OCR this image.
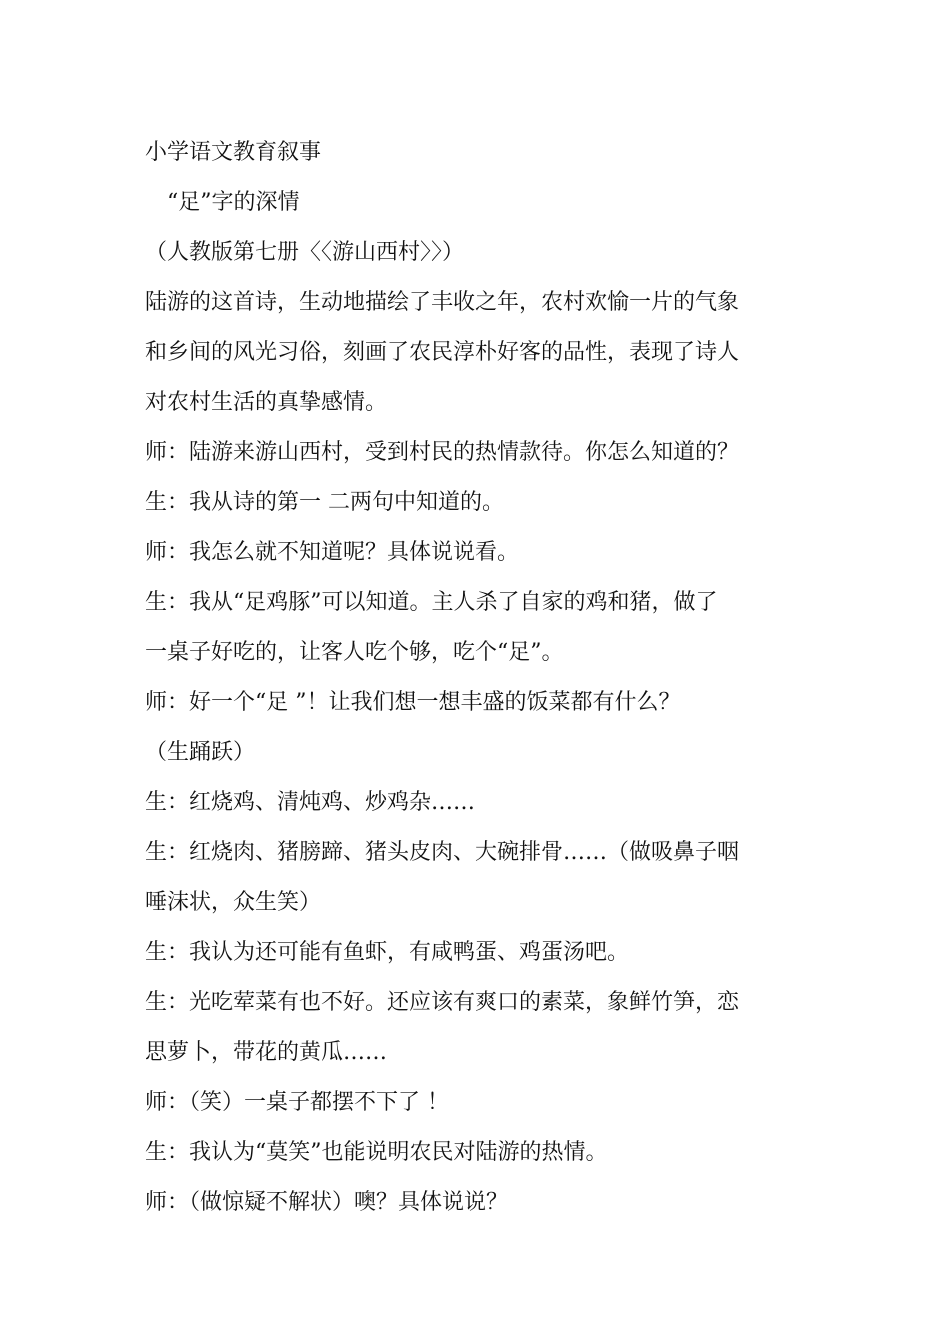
小学语文教育叙事
“足”字的深情
（人教版第七册〈〈游山西村〉〉）
陆游的这首诗，生动地描绘了丰收之年，农村欢愉一片的气象
和乡间的风光习俗，刻画了农民淳朴好客的品性，表现了诗人
对农村生活的真挚感情。
师：陆游来游山西村，受到村民的热情款待。你怎么知道的？
生：我从诗的第一 二两句中知道的。
师：我怎么就不知道呢？具体说说看。
生：我从“足鸡豚”可以知道。主人杀了自家的鸡和猪，做了
一桌子好吃的，让客人吃个够，吃个“足”。
师：好一个“足 ”！让我们想一想丰盛的饭菜都有什么？
（生踊跃）
生：红烧鸡、清炖鸡、炒鸡杂……
生：红烧肉、猪膀蹄、猪头皮肉、大碗排骨……（做吸鼻子咽
唾沫状，众生笑）
生：我认为还可能有鱼虾，有咸鸭蛋、鸡蛋汤吧。
生：光吃荤菜有也不好。还应该有爽口的素菜，象鲜竹笋，恋
思萝卜，带花的黄瓜……
师：（笑）一桌子都摆不下了 ！
生：我认为“莫笑”也能说明农民对陆游的热情。
师：（做惊疑不解状）噢？具体说说？
